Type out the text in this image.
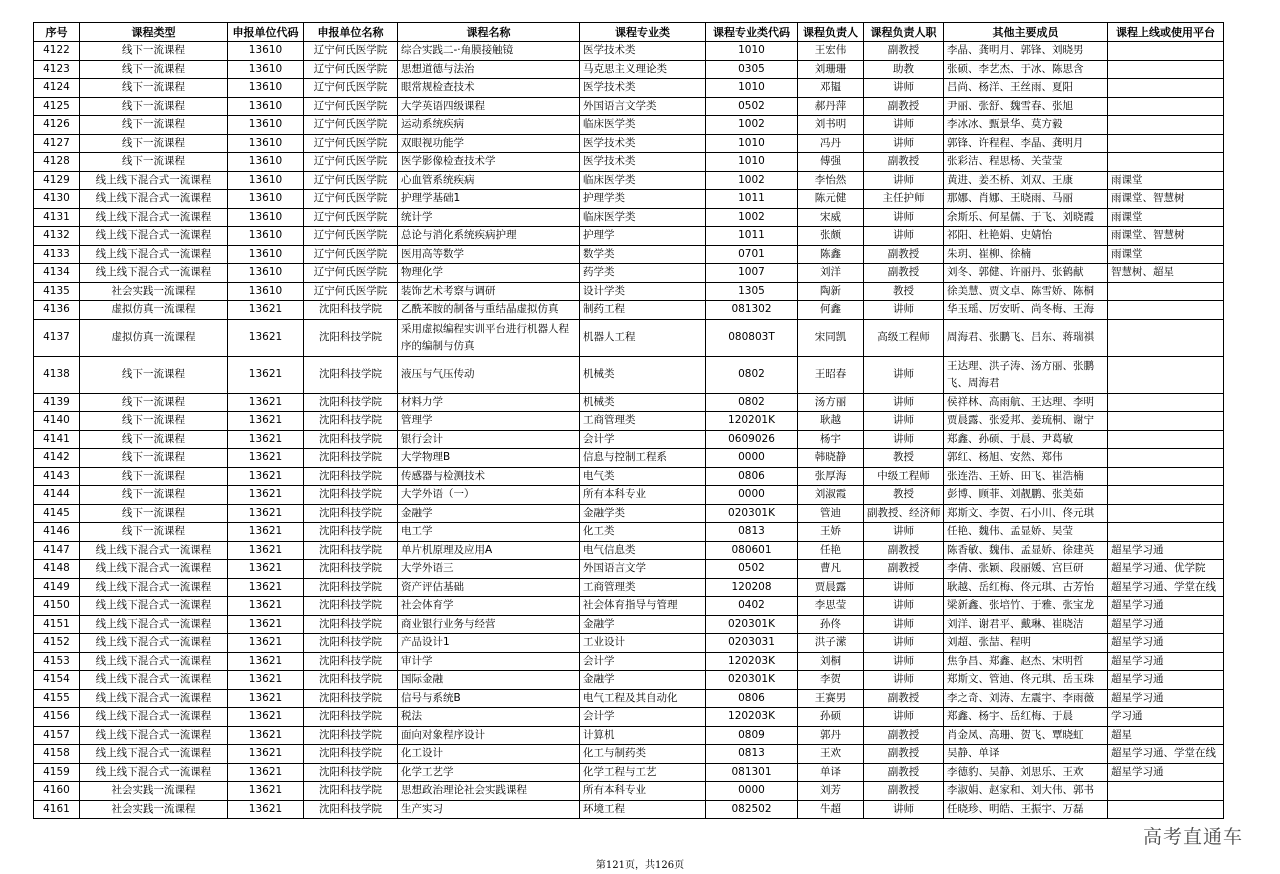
序号	课程类型	申报单位代码	申报单位名称	课程名称	课程专业类	课程专业类代码	课程负责人	课程负责人职	其他主要成员	课程上线或使用平台
4122	线下一流课程	13610	辽宁何氏医学院	综合实践二-·角膜接触镜	医学技术类	1010	王宏伟	副教授	李晶、龚明月、郭锋、刘晓男	
4123	线下一流课程	13610	辽宁何氏医学院	思想道德与法治	马克思主义理论类	0305	刘珊珊	助教	张硕、李艺杰、于冰、陈思含	
4124	线下一流课程	13610	辽宁何氏医学院	眼常规检查技术	医学技术类	1010	邓韫	讲师	吕尚、杨洋、王丝雨、夏阳	
4125	线下一流课程	13610	辽宁何氏医学院	大学英语四级课程	外国语言文学类	0502	郝丹萍	副教授	尹丽、张舒、魏雪春、张旭	
4126	线下一流课程	13610	辽宁何氏医学院	运动系统疾病	临床医学类	1002	刘书明	讲师	李冰冰、甄景华、莫方毅	
4127	线下一流课程	13610	辽宁何氏医学院	双眼视功能学	医学技术类	1010	冯丹	讲师	郭锋、许程程、李晶、龚明月	
4128	线下一流课程	13610	辽宁何氏医学院	医学影像检查技术学	医学技术类	1010	傅强	副教授	张彩洁、程思杨、关莹莹	
4129	线上线下混合式一流课程	13610	辽宁何氏医学院	心血管系统疾病	临床医学类	1002	李怡然	讲师	黄进、姜丕桥、刘双、王康	雨课堂
4130	线上线下混合式一流课程	13610	辽宁何氏医学院	护理学基础1	护理学类	1011	陈元健	主任护师	那娜、肖娜、王晓雨、马丽	雨课堂、智慧树
4131	线上线下混合式一流课程	13610	辽宁何氏医学院	统计学	临床医学类	1002	宋威	讲师	余斯乐、何星儒、于飞、刘晓霞	雨课堂
4132	线上线下混合式一流课程	13610	辽宁何氏医学院	总论与消化系统疾病护理	护理学	1011	张颇	讲师	祁阳、杜艳娟、史婧怡	雨课堂、智慧树
4133	线上线下混合式一流课程	13610	辽宁何氏医学院	医用高等数学	数学类	0701	陈鑫	副教授	朱玥、崔柳、徐楠	雨课堂
4134	线上线下混合式一流课程	13610	辽宁何氏医学院	物理化学	药学类	1007	刘洋	副教授	刘冬、郭健、许丽丹、张鹤献	智慧树、超星
4135	社会实践一流课程	13610	辽宁何氏医学院	装饰艺术考察与调研	设计学类	1305	陶新	教授	徐美慧、贾文卓、陈雪娇、陈桐	
4136	虚拟仿真一流课程	13621	沈阳科技学院	乙酰苯胺的制备与重结晶虚拟仿真	制药工程	081302	何鑫	讲师	华玉瑶、厉安昕、尚冬梅、王海	
4137	虚拟仿真一流课程	13621	沈阳科技学院	采用虚拟编程实训平台进行机器人程序的编制与仿真	机器人工程	080803T	宋同凯	高级工程师	周海君、张鹏飞、吕东、蒋瑞祺	
4138	线下一流课程	13621	沈阳科技学院	液压与气压传动	机械类	0802	王昭春	讲师	王达理、洪子涛、汤方丽、张鹏飞、周海君	
4139	线下一流课程	13621	沈阳科技学院	材料力学	机械类	0802	汤方丽	讲师	侯祥林、高雨航、王达理、李明	
4140	线下一流课程	13621	沈阳科技学院	管理学	工商管理类	120201K	耿越	讲师	贾晨露、张爱邦、姜琉桐、谢宁	
4141	线下一流课程	13621	沈阳科技学院	银行会计	会计学	0609026	杨宇	讲师	郑鑫、孙硕、于晨、尹葛敏	
4142	线下一流课程	13621	沈阳科技学院	大学物理B	信息与控制工程系	0000	韩晓静	教授	郭红、杨旭、安然、郑伟	
4143	线下一流课程	13621	沈阳科技学院	传感器与检测技术	电气类	0806	张厚海	中级工程师	张连浩、王娇、田飞、崔浩楠	
4144	线下一流课程	13621	沈阳科技学院	大学外语（一）	所有本科专业	0000	刘淑霞	教授	彭博、顾菲、刘靓鹏、张美茹	
4145	线下一流课程	13621	沈阳科技学院	金融学	金融学类	020301K	管迪	副教授、经济师	郑斯文、李贺、石小川、佟元琪	
4146	线下一流课程	13621	沈阳科技学院	电工学	化工类	0813	王娇	讲师	任艳、魏伟、孟显娇、吴莹	
4147	线上线下混合式一流课程	13621	沈阳科技学院	单片机原理及应用A	电气信息类	080601	任艳	副教授	陈香敏、魏伟、孟显娇、徐建英	超星学习通
4148	线上线下混合式一流课程	13621	沈阳科技学院	大学外语三	外国语言文学	0502	曹凡	副教授	李倩、张颖、段丽媛、宫巨研	超星学习通、优学院
4149	线上线下混合式一流课程	13621	沈阳科技学院	资产评估基础	工商管理类	120208	贾晨露	讲师	耿越、岳红梅、佟元琪、古芳怡	超星学习通、学堂在线
4150	线上线下混合式一流课程	13621	沈阳科技学院	社会体育学	社会体育指导与管理	0402	李思莹	讲师	梁新鑫、张培竹、于雅、张宝龙	超星学习通
4151	线上线下混合式一流课程	13621	沈阳科技学院	商业银行业务与经营	金融学	020301K	孙佟	讲师	刘洋、谢君平、戴琳、崔晓洁	超星学习通
4152	线上线下混合式一流课程	13621	沈阳科技学院	产品设计1	工业设计	0203031	洪子潆	讲师	刘超、张喆、程明	超星学习通
4153	线上线下混合式一流课程	13621	沈阳科技学院	审计学	会计学	120203K	刘桐	讲师	焦争昌、郑鑫、赵杰、宋明哲	超星学习通
4154	线上线下混合式一流课程	13621	沈阳科技学院	国际金融	金融学	020301K	李贺	讲师	郑斯文、管迪、佟元琪、岳玉珠	超星学习通
4155	线上线下混合式一流课程	13621	沈阳科技学院	信号与系统B	电气工程及其自动化	0806	王赛男	副教授	李之奇、刘涛、左震宇、李雨薇	超星学习通
4156	线上线下混合式一流课程	13621	沈阳科技学院	税法	会计学	120203K	孙硕	讲师	郑鑫、杨宇、岳红梅、于晨	学习通
4157	线上线下混合式一流课程	13621	沈阳科技学院	面向对象程序设计	计算机	0809	郭丹	副教授	肖金凤、高珊、贺飞、覃晓虹	超星
4158	线上线下混合式一流课程	13621	沈阳科技学院	化工设计	化工与制药类	0813	王欢	副教授	吴静、单译	超星学习通、学堂在线
4159	线上线下混合式一流课程	13621	沈阳科技学院	化学工艺学	化学工程与工艺	081301	单译	副教授	李德豹、吴静、刘思乐、王欢	超星学习通
4160	社会实践一流课程	13621	沈阳科技学院	思想政治理论社会实践课程	所有本科专业	0000	刘芳	副教授	李淑娟、赵家和、刘大伟、郭书	
4161	社会实践一流课程	13621	沈阳科技学院	生产实习	环境工程	082502	牛超	讲师	任晓珍、明皓、王振宇、万磊	
高考直通车
第121页，共126页
